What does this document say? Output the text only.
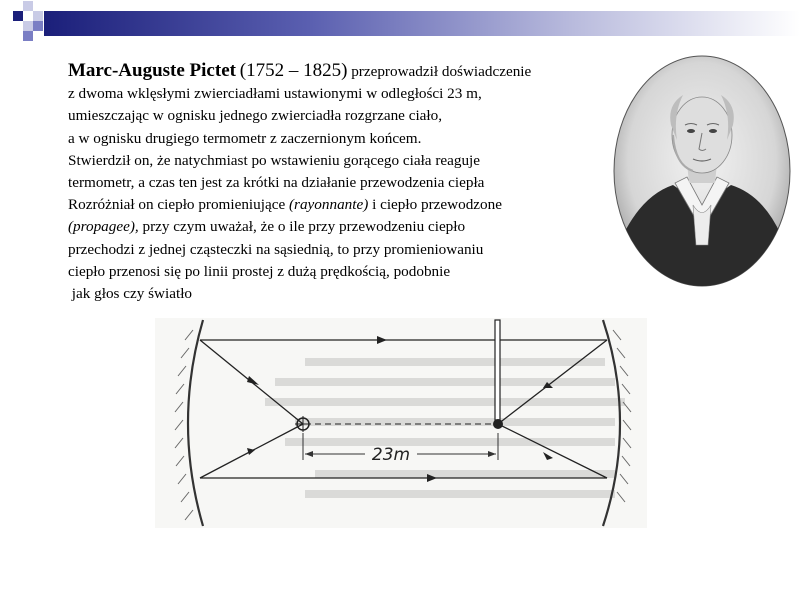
Marc-Auguste Pictet (1752 – 1825) przeprowadził doświadczenie
z dwoma wklęsłymi zwierciadłami ustawionymi w odległości 23 m,
umieszczając w ognisku jednego zwierciadła rozgrzane ciało,
a w ognisku drugiego termometr z zaczernionym końcem.
Stwierdził on, że natychmiast po wstawieniu gorącego ciała reaguje
termometr, a czas ten jest za krótki na działanie przewodzenia ciepła
Rozróżniał on ciepło promieniujące (rayonnante) i ciepło przewodzone
(propagee), przy czym uważał, że o ile przy przewodzeniu ciepło
przechodzi z jednej cząsteczki na sąsiednią, to przy promieniowaniu
ciepło przenosi się po linii prostej z dużą prędkością, podobnie
jak głos czy światło
23m
